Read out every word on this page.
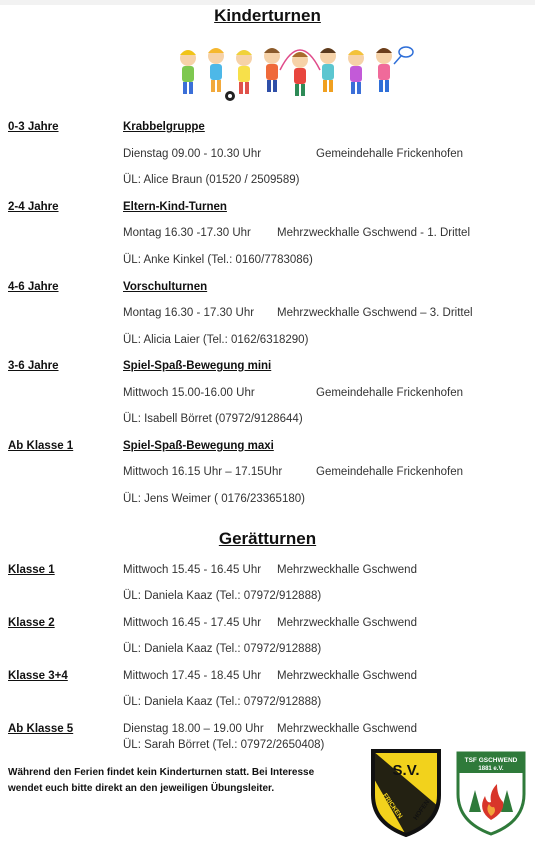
Kinderturnen
0-3 Jahre	Krabbelgruppe
Dienstag 09.00 - 10.30 Uhr	Gemeindehalle Frickenhofen
ÜL: Alice Braun (01520 / 2509589)
2-4 Jahre	Eltern-Kind-Turnen
Montag 16.30 -17.30 Uhr Mehrzweckhalle Gschwend - 1. Drittel
ÜL: Anke Kinkel (Tel.: 0160/7783086)
4-6 Jahre	Vorschulturnen
Montag 16.30 - 17.30 Uhr Mehrzweckhalle Gschwend – 3. Drittel
ÜL: Alicia Laier (Tel.: 0162/6318290)
3-6 Jahre	Spiel-Spaß-Bewegung mini
Mittwoch 15.00-16.00 Uhr	Gemeindehalle Frickenhofen
ÜL: Isabell Börret (07972/9128644)
Ab Klasse 1	Spiel-Spaß-Bewegung maxi
Mittwoch 16.15 Uhr – 17.15Uhr	Gemeindehalle Frickenhofen
ÜL: Jens Weimer ( 0176/23365180)
Gerätturnen
Klasse 1	Mittwoch 15.45 - 16.45 Uhr Mehrzweckhalle Gschwend
ÜL: Daniela Kaaz (Tel.: 07972/912888)
Klasse 2	Mittwoch 16.45 - 17.45 Uhr Mehrzweckhalle Gschwend
ÜL: Daniela Kaaz (Tel.: 07972/912888)
Klasse 3+4	Mittwoch 17.45 - 18.45 Uhr Mehrzweckhalle Gschwend
ÜL: Daniela Kaaz (Tel.: 07972/912888)
Ab Klasse 5	Dienstag 18.00 – 19.00 Uhr Mehrzweckhalle Gschwend
ÜL: Sarah Börret (Tel.: 07972/2650408)
Während den Ferien findet kein Kinderturnen statt. Bei Interesse
wendet euch bitte direkt an den jeweiligen Übungsleiter.
S.V.
FRICKEN HOFEN
TSF GSCHWEND
1881 e.V.
